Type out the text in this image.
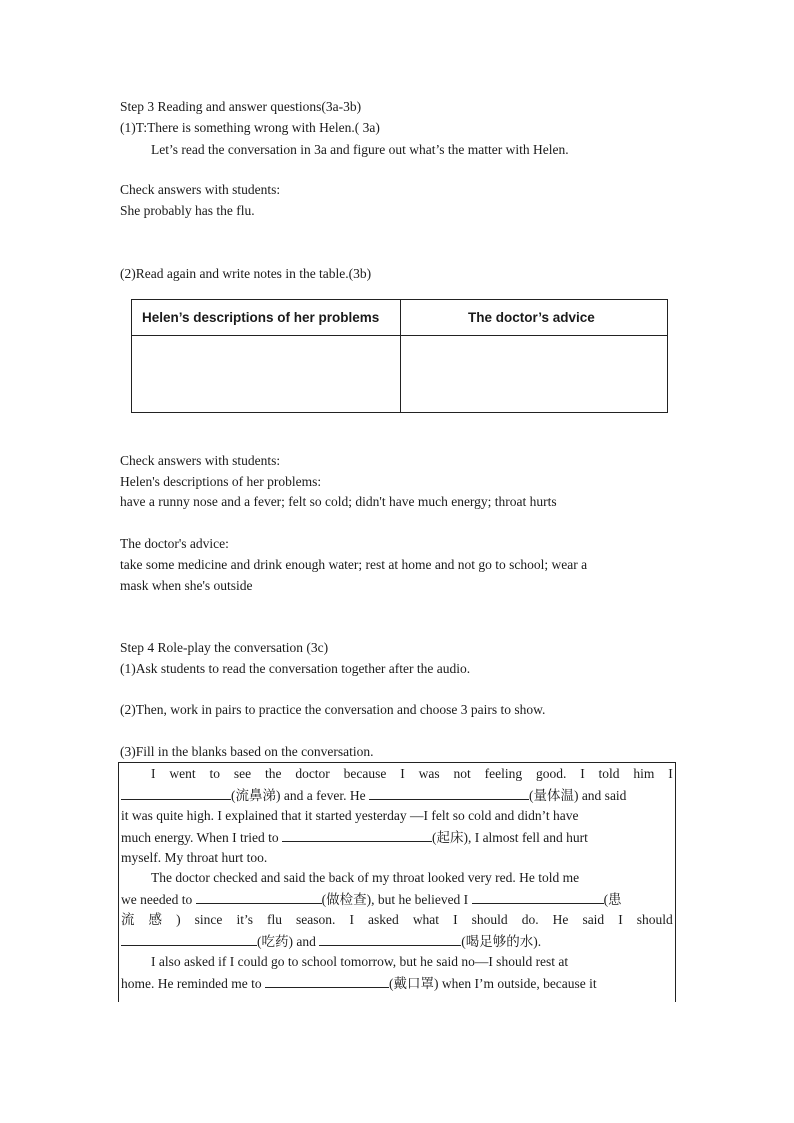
Step 3 Reading and answer questions(3a-3b)
(1)T:There is something wrong with Helen.( 3a)
Let’s read the conversation in 3a and figure out what’s the matter with Helen.
Check answers with students:
She probably has the flu.
(2)Read again and write notes in the table.(3b)
Helen’s descriptions of her problems	The doctor’s advice
Check answers with students:
Helen's descriptions of her problems:
have a runny nose and a fever; felt so cold; didn't have much energy; throat hurts
The doctor's advice:
take some medicine and drink enough water; rest at home and not go to school; wear a
mask when she's outside
Step 4 Role-play the conversation (3c)
(1)Ask students to read the conversation together after the audio.
(2)Then, work in pairs to practice the conversation and choose 3 pairs to show.
(3)Fill in the blanks based on the conversation.
I went to see the doctor because I was not feeling good. I told him I
(流鼻涕) and a fever. He	(量体温) and said
it was quite high. I explained that it started yesterday —I felt so cold and didn’t have
much energy. When I tried to	(起床), I almost fell and hurt
myself. My throat hurt too.
The doctor checked and said the back of my throat looked very red. He told me
we needed to	(做检查), but he believed I	(患
流 感 ) since it’s flu season. I asked what I should do. He said I should
(吃药) and	(喝足够的水).
I also asked if I could go to school tomorrow, but he said no—I should rest at
home. He reminded me to	(戴口罩) when I’m outside, because it
